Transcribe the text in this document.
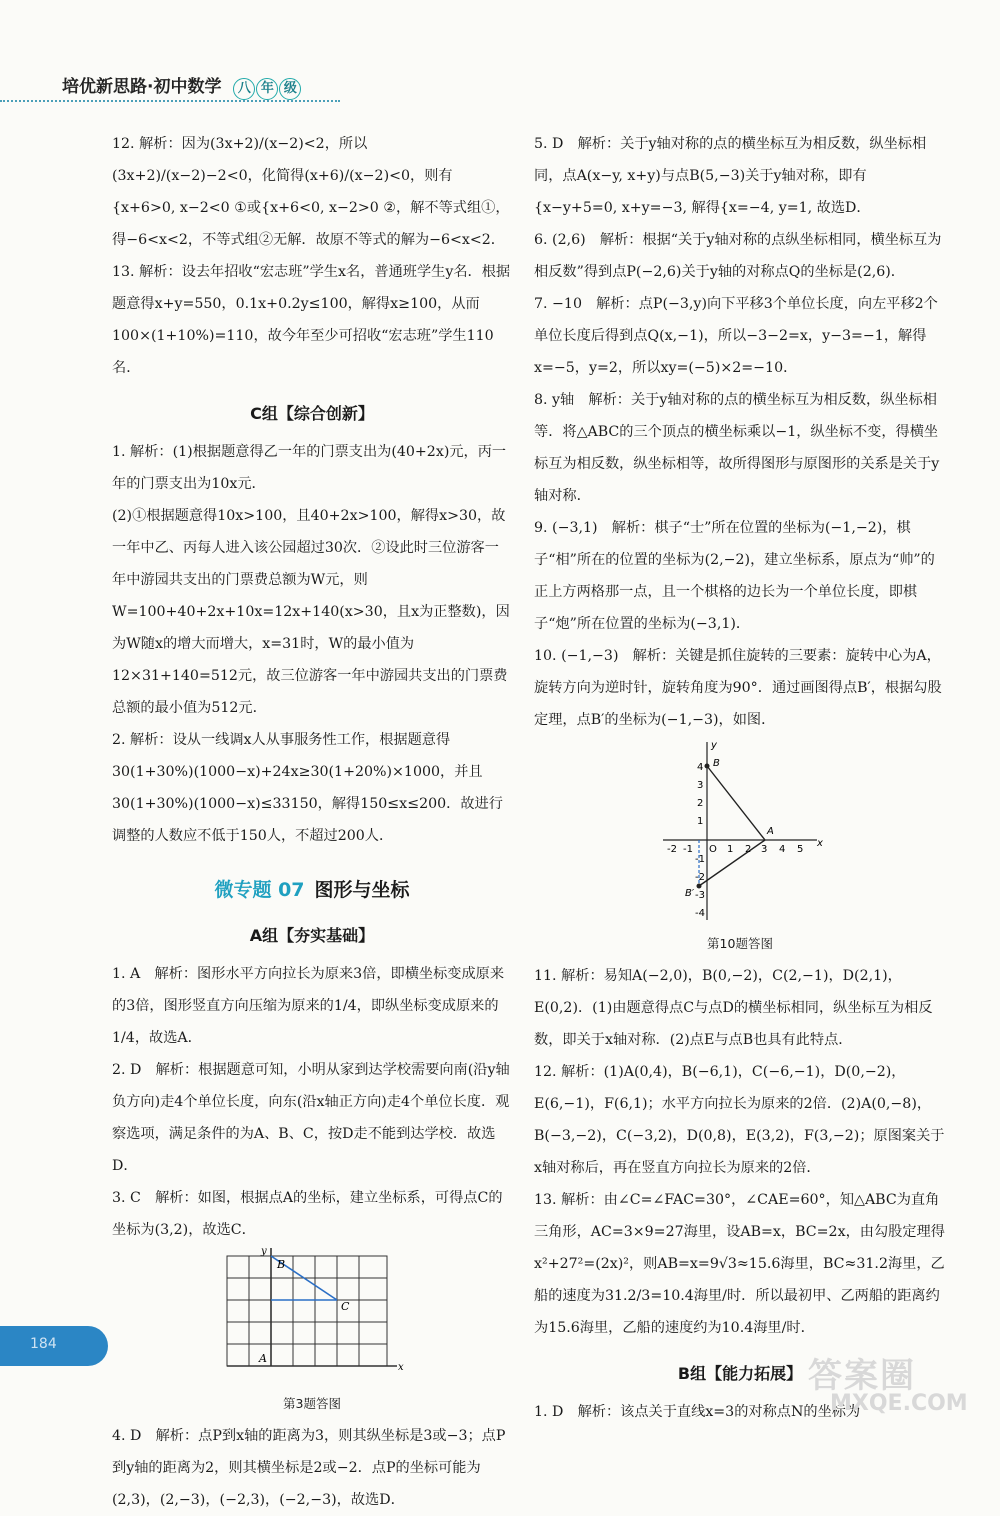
培优新思路·初中数学 八 年 级

12. 解析：因为(3x+2)/(x−2)<2，所以(3x+2)/(x−2)−2<0，化简得(x+6)/(x−2)<0，则有{x+6>0, x−2<0 ①或{x+6<0, x−2>0 ②，解不等式组①，得−6<x<2，不等式组②无解．故原不等式的解为−6<x<2．

13. 解析：设去年招收“宏志班”学生x名，普通班学生y名．根据题意得x+y=550，0.1x+0.2y≤100，解得x≥100，从而100×(1+10%)=110，故今年至少可招收“宏志班”学生110名．

C组【综合创新】

1. 解析：(1)根据题意得乙一年的门票支出为(40+2x)元，丙一年的门票支出为10x元．

(2)①根据题意得10x>100，且40+2x>100，解得x>30，故一年中乙、丙每人进入该公园超过30次．②设此时三位游客一年中游园共支出的门票费总额为W元，则W=100+40+2x+10x=12x+140(x>30，且x为正整数)，因为W随x的增大而增大，x=31时，W的最小值为12×31+140=512元，故三位游客一年中游园共支出的门票费总额的最小值为512元．

2. 解析：设从一线调x人从事服务性工作，根据题意得30(1+30%)(1000−x)+24x≥30(1+20%)×1000，并且30(1+30%)(1000−x)≤33150，解得150≤x≤200．故进行调整的人数应不低于150人，不超过200人．

微专题 07 图形与坐标
A组【夯实基础】

1. A　解析：图形水平方向拉长为原来3倍，即横坐标变成原来的3倍，图形竖直方向压缩为原来的1/4，即纵坐标变成原来的1/4，故选A．

2. D　解析：根据题意可知，小明从家到达学校需要向南(沿y轴负方向)走4个单位长度，向东(沿x轴正方向)走4个单位长度．观察选项，满足条件的为A、B、C，按D走不能到达学校．故选D．

3. C　解析：如图，根据点A的坐标，建立坐标系，可得点C的坐标为(3,2)，故选C．

B
C
A
y
x
第3题答图

4. D　解析：点P到x轴的距离为3，则其纵坐标是3或−3；点P到y轴的距离为2，则其横坐标是2或−2．点P的坐标可能为(2,3)，(2,−3)，(−2,3)，(−2,−3)，故选D．

5. D　解析：关于y轴对称的点的横坐标互为相反数，纵坐标相同，点A(x−y, x+y)与点B(5,−3)关于y轴对称，即有{x−y+5=0, x+y=−3, 解得{x=−4, y=1, 故选D．

6. (2,6)　解析：根据“关于y轴对称的点纵坐标相同，横坐标互为相反数”得到点P(−2,6)关于y轴的对称点Q的坐标是(2,6)．

7. −10　解析：点P(−3,y)向下平移3个单位长度，向左平移2个单位长度后得到点Q(x,−1)，所以−3−2=x，y−3=−1，解得x=−5，y=2，所以xy=(−5)×2=−10．

8. y轴　解析：关于y轴对称的点的横坐标互为相反数，纵坐标相等．将△ABC的三个顶点的横坐标乘以−1，纵坐标不变，得横坐标互为相反数，纵坐标相等，故所得图形与原图形的关系是关于y轴对称．

9. (−3,1)　解析：棋子“士”所在位置的坐标为(−1,−2)，棋子“相”所在的位置的坐标为(2,−2)，建立坐标系，原点为“帅”的正上方两格那一点，且一个棋格的边长为一个单位长度，即棋子“炮”所在位置的坐标为(−3,1)．

10. (−1,−3)　解析：关键是抓住旋转的三要素：旋转中心为A，旋转方向为逆时针，旋转角度为90°．通过画图得点B′，根据勾股定理，点B′的坐标为(−1,−3)，如图．

y
x
B
A
B′
4
3
2
1
O
-2 -1	1 2 3 4 5
-1
-2
-3
-4
第10题答图

11. 解析：易知A(−2,0)，B(0,−2)，C(2,−1)，D(2,1)，E(0,2)．(1)由题意得点C与点D的横坐标相同，纵坐标互为相反数，即关于x轴对称．(2)点E与点B也具有此特点．

12. 解析：(1)A(0,4)，B(−6,1)，C(−6,−1)，D(0,−2)，E(6,−1)，F(6,1)；水平方向拉长为原来的2倍．(2)A(0,−8)，B(−3,−2)，C(−3,2)，D(0,8)，E(3,2)，F(3,−2)；原图案关于x轴对称后，再在竖直方向拉长为原来的2倍．

13. 解析：由∠C=∠FAC=30°，∠CAE=60°，知△ABC为直角三角形，AC=3×9=27海里，设AB=x，BC=2x，由勾股定理得x²+27²=(2x)²，则AB=x=9√3≈15.6海里，BC≈31.2海里，乙船的速度为31.2/3=10.4海里/时．所以最初甲、乙两船的距离约为15.6海里，乙船的速度约为10.4海里/时．

B组【能力拓展】

1. D　解析：该点关于直线x=3的对称点N的坐标为

184
答案圈
MXQE.COM
